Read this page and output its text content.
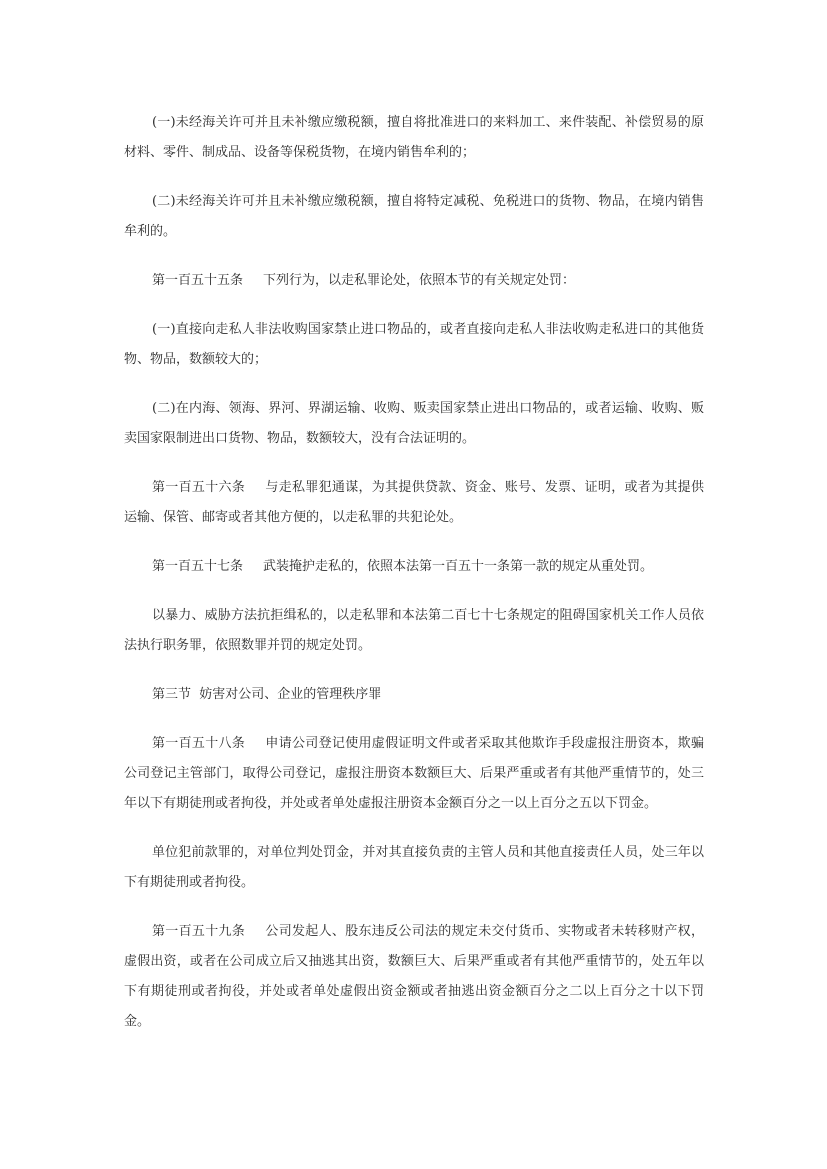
(一)未经海关许可并且未补缴应缴税额，擅自将批准进口的来料加工、来件装配、补偿贸易的原材料、零件、制成品、设备等保税货物，在境内销售牟利的；

(二)未经海关许可并且未补缴应缴税额，擅自将特定减税、免税进口的货物、物品，在境内销售牟利的。

第一百五十五条 下列行为，以走私罪论处，依照本节的有关规定处罚：

(一)直接向走私人非法收购国家禁止进口物品的，或者直接向走私人非法收购走私进口的其他货物、物品，数额较大的；

(二)在内海、领海、界河、界湖运输、收购、贩卖国家禁止进出口物品的，或者运输、收购、贩卖国家限制进出口货物、物品，数额较大，没有合法证明的。

第一百五十六条 与走私罪犯通谋，为其提供贷款、资金、账号、发票、证明，或者为其提供运输、保管、邮寄或者其他方便的，以走私罪的共犯论处。

第一百五十七条 武装掩护走私的，依照本法第一百五十一条第一款的规定从重处罚。

以暴力、威胁方法抗拒缉私的，以走私罪和本法第二百七十七条规定的阻碍国家机关工作人员依法执行职务罪，依照数罪并罚的规定处罚。

第三节  妨害对公司、企业的管理秩序罪

第一百五十八条 申请公司登记使用虚假证明文件或者采取其他欺诈手段虚报注册资本，欺骗公司登记主管部门，取得公司登记，虚报注册资本数额巨大、后果严重或者有其他严重情节的，处三年以下有期徒刑或者拘役，并处或者单处虚报注册资本金额百分之一以上百分之五以下罚金。

单位犯前款罪的，对单位判处罚金，并对其直接负责的主管人员和其他直接责任人员，处三年以下有期徒刑或者拘役。

第一百五十九条 公司发起人、股东违反公司法的规定未交付货币、实物或者未转移财产权，虚假出资，或者在公司成立后又抽逃其出资，数额巨大、后果严重或者有其他严重情节的，处五年以下有期徒刑或者拘役，并处或者单处虚假出资金额或者抽逃出资金额百分之二以上百分之十以下罚金。
